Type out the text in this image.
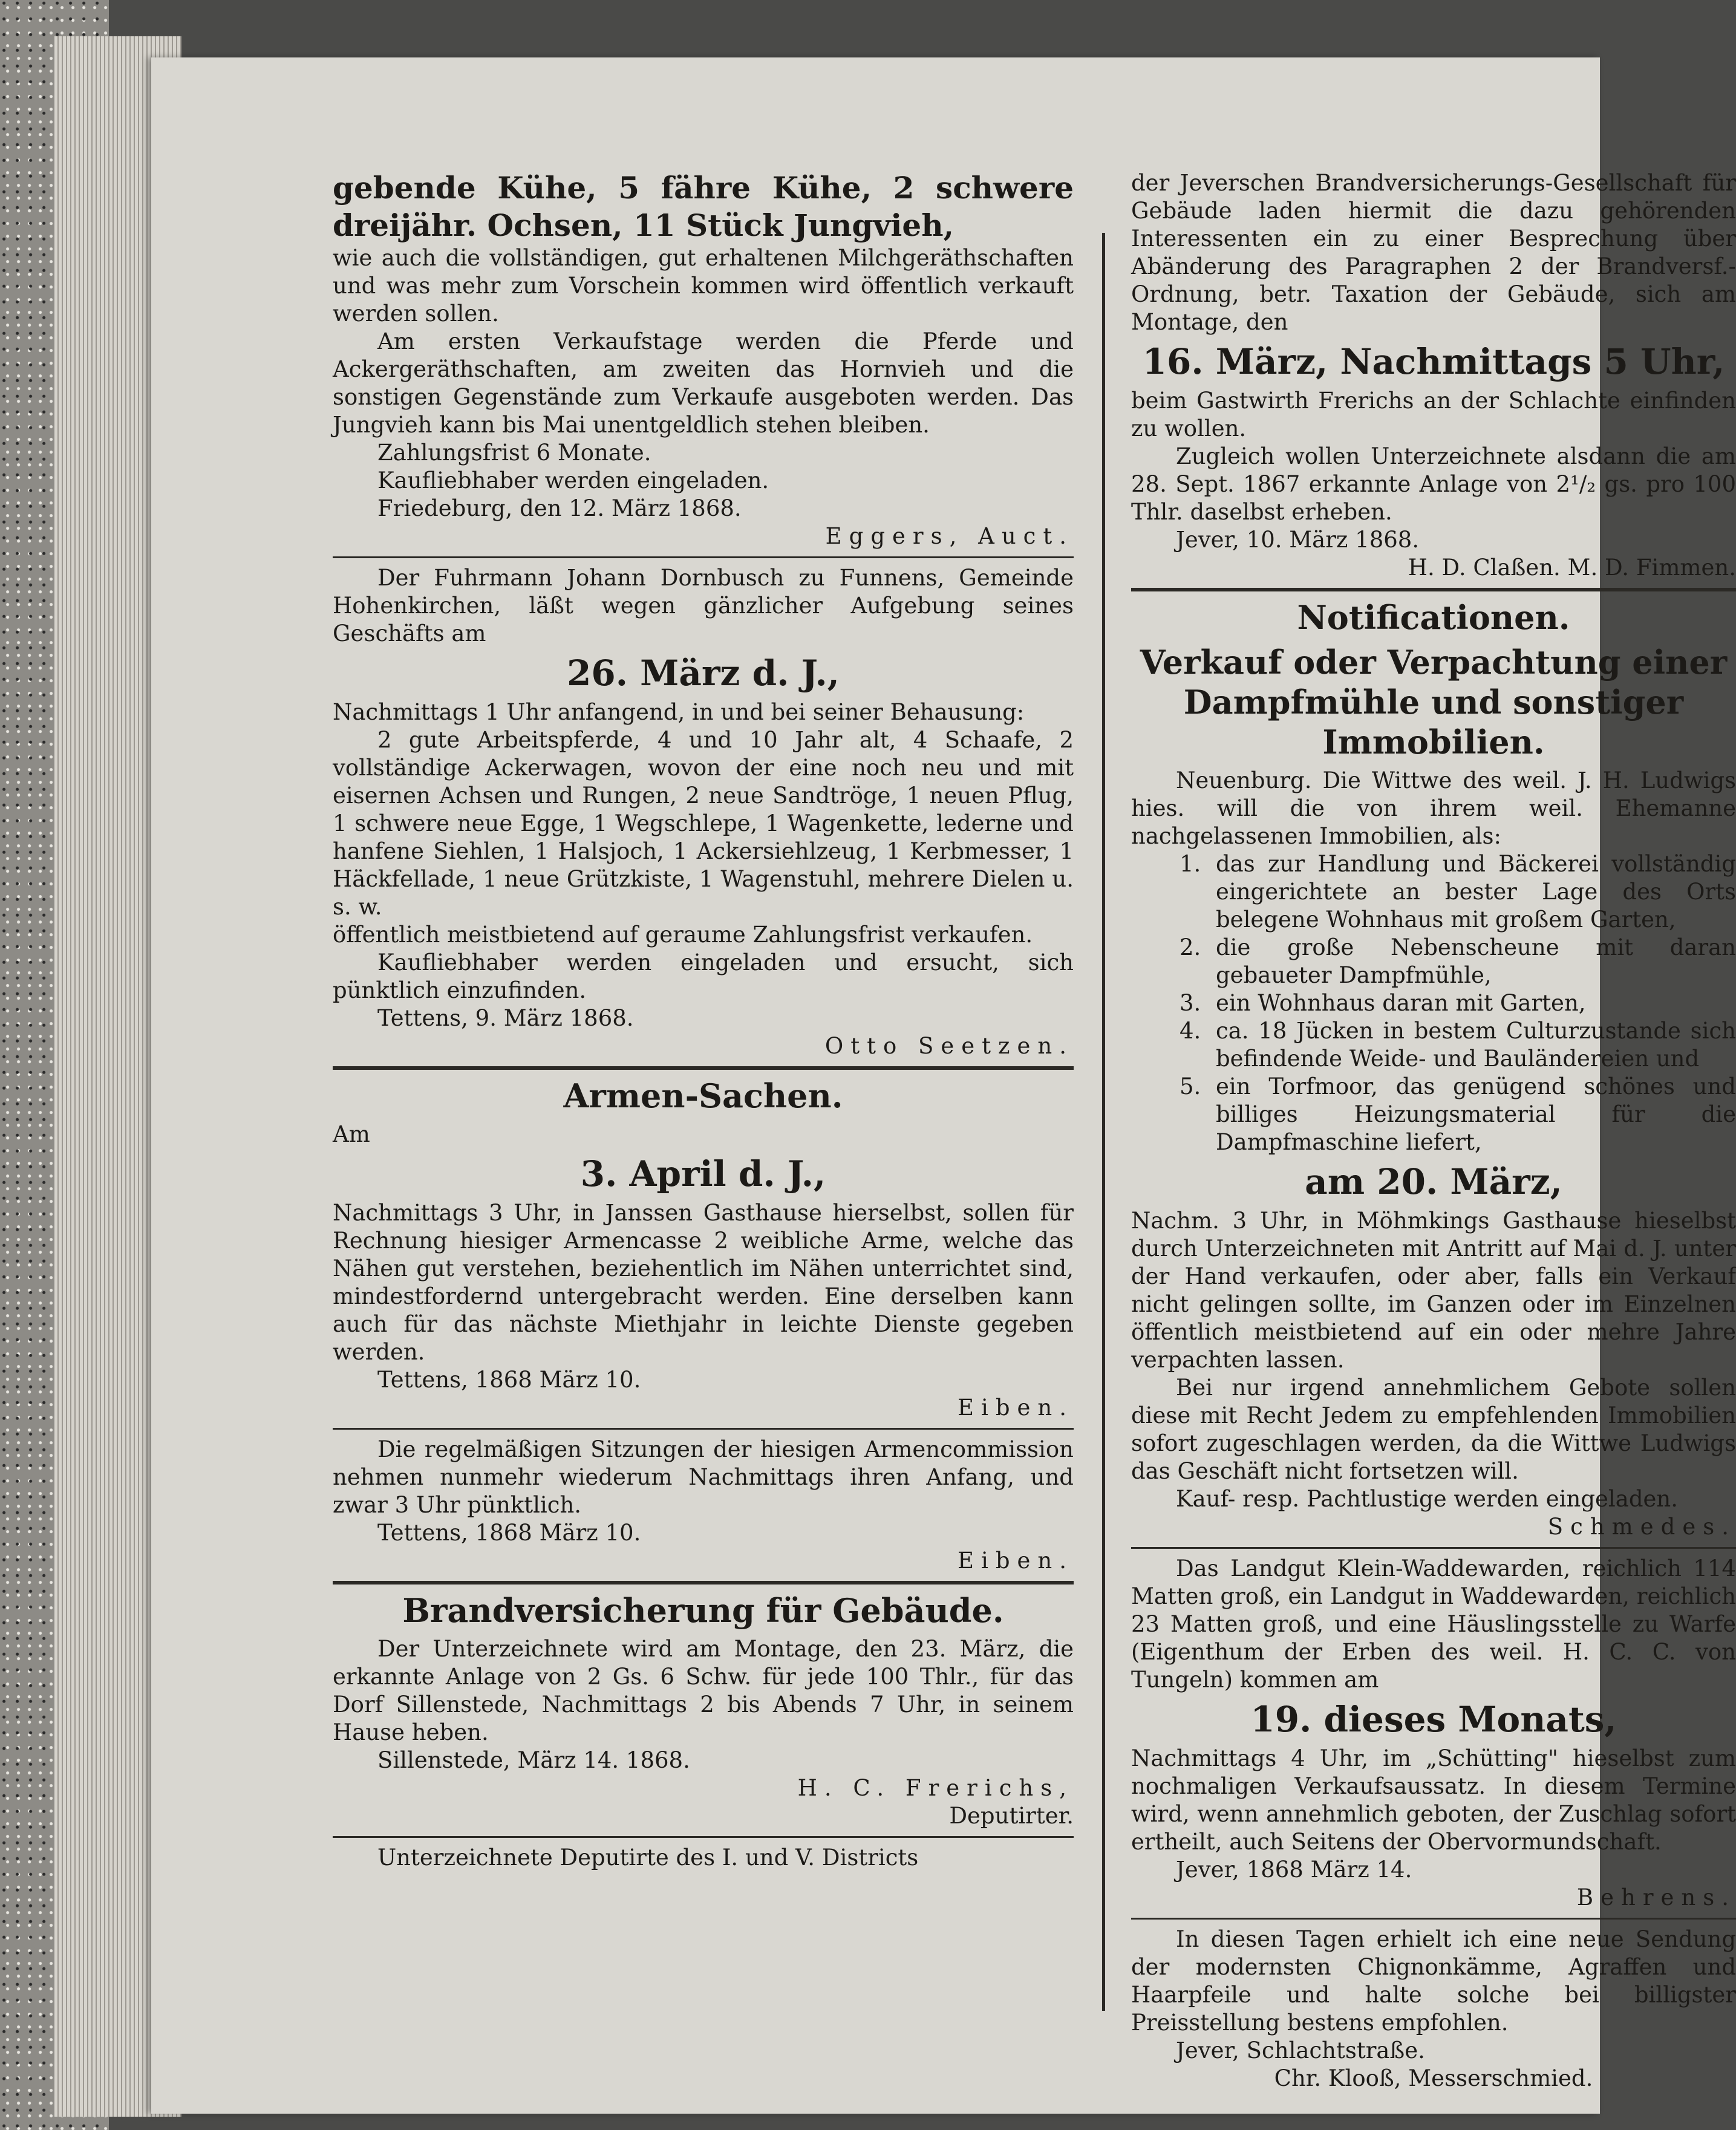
gebende Kühe, 5 fähre Kühe, 2 schwere dreijähr. Ochsen, 11 Stück Jungvieh,

wie auch die vollständigen, gut erhaltenen Milchgeräthschaften und was mehr zum Vorschein kommen wird öffentlich verkauft werden sollen.

Am ersten Verkaufstage werden die Pferde und Ackergeräthschaften, am zweiten das Hornvieh und die sonstigen Gegenstände zum Verkaufe ausgeboten werden. Das Jungvieh kann bis Mai unentgeldlich stehen bleiben.

Zahlungsfrist 6 Monate.

Kaufliebhaber werden eingeladen.

Friedeburg, den 12. März 1868.

Eggers, Auct.

Der Fuhrmann Johann Dornbusch zu Funnens, Gemeinde Hohenkirchen, läßt wegen gänzlicher Aufgebung seines Geschäfts am

26. März d. J.,

Nachmittags 1 Uhr anfangend, in und bei seiner Behausung:

2 gute Arbeitspferde, 4 und 10 Jahr alt, 4 Schaafe, 2 vollständige Ackerwagen, wovon der eine noch neu und mit eisernen Achsen und Rungen, 2 neue Sandtröge, 1 neuen Pflug, 1 schwere neue Egge, 1 Wegschlepe, 1 Wagenkette, lederne und hanfene Siehlen, 1 Halsjoch, 1 Ackersiehlzeug, 1 Kerbmesser, 1 Häckfellade, 1 neue Grützkiste, 1 Wagenstuhl, mehrere Dielen u. s. w.

öffentlich meistbietend auf geraume Zahlungsfrist verkaufen.

Kaufliebhaber werden eingeladen und ersucht, sich pünktlich einzufinden.

Tettens, 9. März 1868.

Otto Seetzen.

Armen-Sachen.

Am

3. April d. J.,

Nachmittags 3 Uhr, in Janssen Gasthause hierselbst, sollen für Rechnung hiesiger Armencasse 2 weibliche Arme, welche das Nähen gut verstehen, beziehentlich im Nähen unterrichtet sind, mindestfordernd untergebracht werden. Eine derselben kann auch für das nächste Miethjahr in leichte Dienste gegeben werden.

Tettens, 1868 März 10.

Eiben.

Die regelmäßigen Sitzungen der hiesigen Armencommission nehmen nunmehr wiederum Nachmittags ihren Anfang, und zwar 3 Uhr pünktlich.

Tettens, 1868 März 10.

Eiben.

Brandversicherung für Gebäude.

Der Unterzeichnete wird am Montage, den 23. März, die erkannte Anlage von 2 Gs. 6 Schw. für jede 100 Thlr., für das Dorf Sillenstede, Nachmittags 2 bis Abends 7 Uhr, in seinem Hause heben.

Sillenstede, März 14. 1868.

H. C. Frerichs,

Deputirter.

Unterzeichnete Deputirte des I. und V. Districts

der Jeverschen Brandversicherungs-Gesellschaft für Gebäude laden hiermit die dazu gehörenden Interessenten ein zu einer Besprechung über Abänderung des Paragraphen 2 der Brandversf.-Ordnung, betr. Taxation der Gebäude, sich am Montage, den

16. März, Nachmittags 5 Uhr,

beim Gastwirth Frerichs an der Schlachte einfinden zu wollen.

Zugleich wollen Unterzeichnete alsdann die am 28. Sept. 1867 erkannte Anlage von 2¹/₂ gs. pro 100 Thlr. daselbst erheben.

Jever, 10. März 1868.

H. D. Claßen. M. D. Fimmen.

Notificationen.

Verkauf oder Verpachtung einer Dampfmühle und sonstiger Immobilien.

Neuenburg. Die Wittwe des weil. J. H. Ludwigs hies. will die von ihrem weil. Ehemanne nachgelassenen Immobilien, als:

1. das zur Handlung und Bäckerei vollständig eingerichtete an bester Lage des Orts belegene Wohnhaus mit großem Garten,
2. die große Nebenscheune mit daran gebaueter Dampfmühle,
3. ein Wohnhaus daran mit Garten,
4. ca. 18 Jücken in bestem Culturzustande sich befindende Weide- und Bauländereien und
5. ein Torfmoor, das genügend schönes und billiges Heizungsmaterial für die Dampfmaschine liefert,

am 20. März,

Nachm. 3 Uhr, in Möhmkings Gasthause hieselbst durch Unterzeichneten mit Antritt auf Mai d. J. unter der Hand verkaufen, oder aber, falls ein Verkauf nicht gelingen sollte, im Ganzen oder im Einzelnen öffentlich meistbietend auf ein oder mehre Jahre verpachten lassen.

Bei nur irgend annehmlichem Gebote sollen diese mit Recht Jedem zu empfehlenden Immobilien sofort zugeschlagen werden, da die Wittwe Ludwigs das Geschäft nicht fortsetzen will.

Kauf- resp. Pachtlustige werden eingeladen.

Schmedes.

Das Landgut Klein-Waddewarden, reichlich 114 Matten groß, ein Landgut in Waddewarden, reichlich 23 Matten groß, und eine Häuslingsstelle zu Warfe (Eigenthum der Erben des weil. H. C. C. von Tungeln) kommen am

19. dieses Monats,

Nachmittags 4 Uhr, im „Schütting" hieselbst zum nochmaligen Verkaufsaussatz. In diesem Termine wird, wenn annehmlich geboten, der Zuschlag sofort ertheilt, auch Seitens der Obervormundschaft.

Jever, 1868 März 14.

Behrens.

In diesen Tagen erhielt ich eine neue Sendung der modernsten Chignonkämme, Agraffen und Haarpfeile und halte solche bei billigster Preisstellung bestens empfohlen.

Jever, Schlachtstraße.

Chr. Klooß, Messerschmied.
